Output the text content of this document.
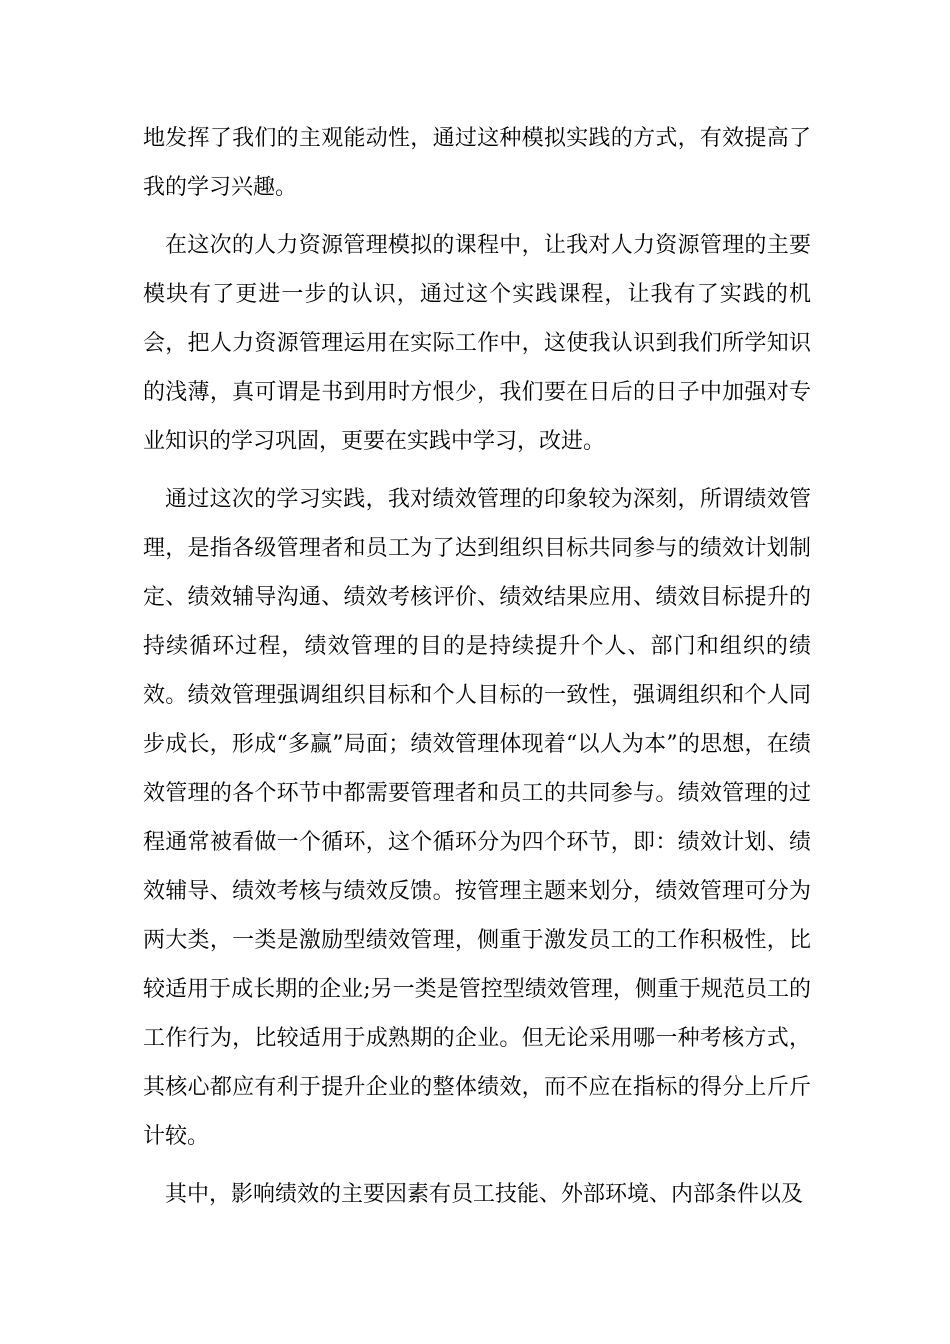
地发挥了我们的主观能动性，通过这种模拟实践的方式，有效提高了我的学习兴趣。

在这次的人力资源管理模拟的课程中，让我对人力资源管理的主要模块有了更进一步的认识，通过这个实践课程，让我有了实践的机会，把人力资源管理运用在实际工作中，这使我认识到我们所学知识的浅薄，真可谓是书到用时方恨少，我们要在日后的日子中加强对专业知识的学习巩固，更要在实践中学习，改进。

通过这次的学习实践，我对绩效管理的印象较为深刻，所谓绩效管理，是指各级管理者和员工为了达到组织目标共同参与的绩效计划制定、绩效辅导沟通、绩效考核评价、绩效结果应用、绩效目标提升的持续循环过程，绩效管理的目的是持续提升个人、部门和组织的绩效。绩效管理强调组织目标和个人目标的一致性，强调组织和个人同步成长，形成“多赢”局面；绩效管理体现着“以人为本”的思想，在绩效管理的各个环节中都需要管理者和员工的共同参与。绩效管理的过程通常被看做一个循环，这个循环分为四个环节，即：绩效计划、绩效辅导、绩效考核与绩效反馈。按管理主题来划分，绩效管理可分为两大类，一类是激励型绩效管理，侧重于激发员工的工作积极性，比较适用于成长期的企业;另一类是管控型绩效管理，侧重于规范员工的工作行为，比较适用于成熟期的企业。但无论采用哪一种考核方式，其核心都应有利于提升企业的整体绩效，而不应在指标的得分上斤斤计较。

其中，影响绩效的主要因素有员工技能、外部环境、内部条件以及
